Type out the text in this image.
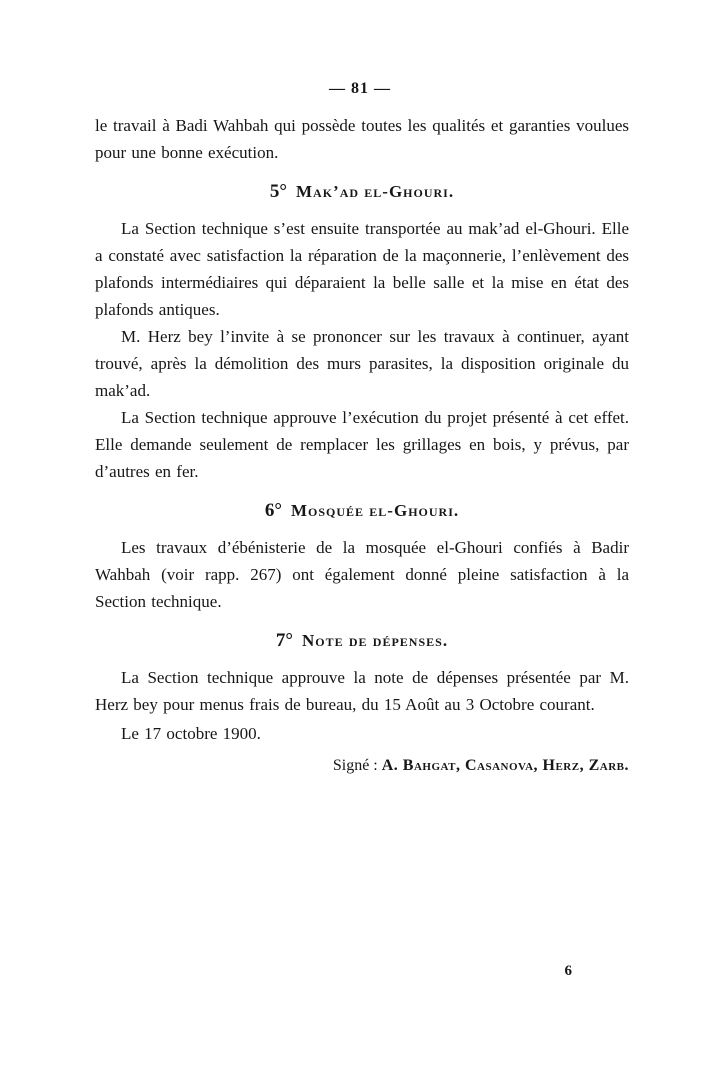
— 81 —

le travail à Badi Wahbah qui possède toutes les qualités et garanties voulues pour une bonne exécution.

5° Mak’ad el-Ghouri.

La Section technique s’est ensuite transportée au mak’ad el-Ghouri. Elle a constaté avec satisfaction la réparation de la maçonnerie, l’enlèvement des plafonds intermédiaires qui déparaient la belle salle et la mise en état des plafonds antiques.

M. Herz bey l’invite à se prononcer sur les travaux à continuer, ayant trouvé, après la démolition des murs parasites, la disposition originale du mak’ad.

La Section technique approuve l’exécution du projet présenté à cet effet. Elle demande seulement de remplacer les grillages en bois, y prévus, par d’autres en fer.

6° Mosquée el-Ghouri.

Les travaux d’ébénisterie de la mosquée el-Ghouri confiés à Badir Wahbah (voir rapp. 267) ont également donné pleine satisfaction à la Section technique.

7° Note de dépenses.

La Section technique approuve la note de dépenses présentée par M. Herz bey pour menus frais de bureau, du 15 Août au 3 Octobre courant.

Le 17 octobre 1900.

Signé : A. Bahgat, Casanova, Herz, Zarb.

6
